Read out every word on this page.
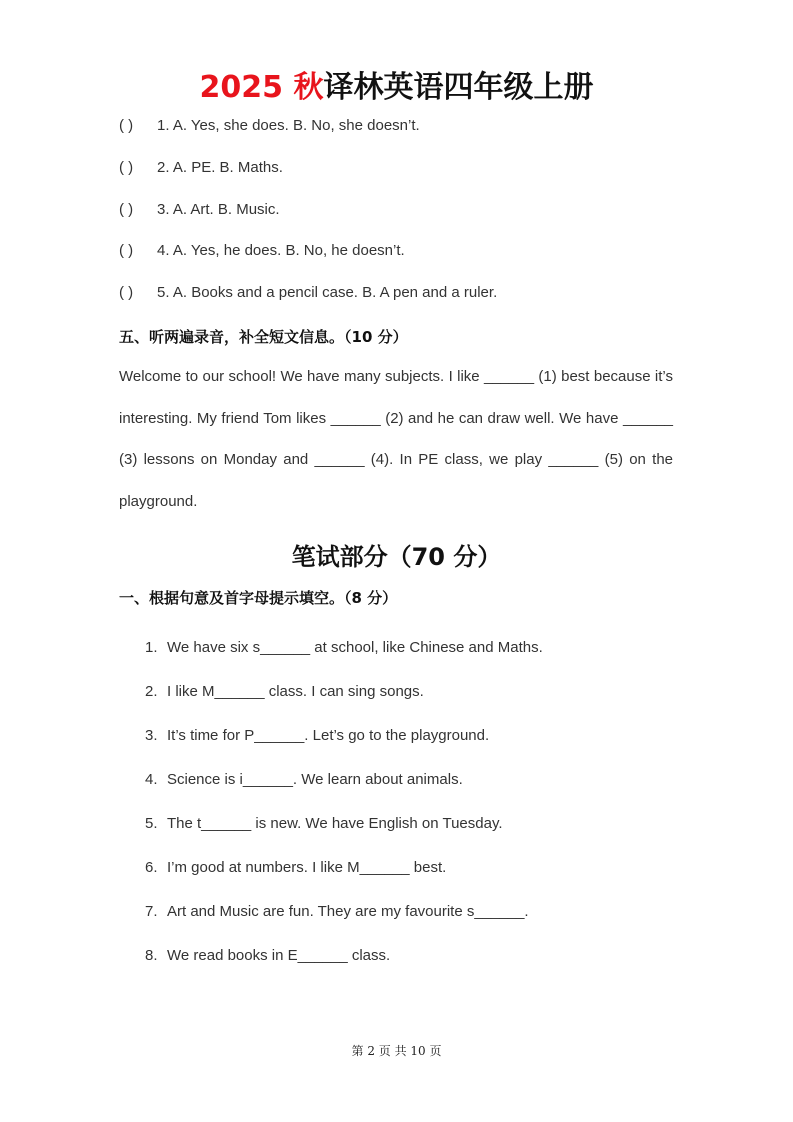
2025 秋译林英语四年级上册
( ) 1. A. Yes, she does. B. No, she doesn’t.
( ) 2. A. PE. B. Maths.
( ) 3. A. Art. B. Music.
( ) 4. A. Yes, he does. B. No, he doesn’t.
( ) 5. A. Books and a pencil case. B. A pen and a ruler.
五、听两遍录音，补全短文信息。（10 分）
Welcome to our school! We have many subjects. I like ______ (1) best because it’s interesting. My friend Tom likes ______ (2) and he can draw well. We have ______ (3) lessons on Monday and ______ (4). In PE class, we play ______ (5) on the playground.
笔试部分（70 分）
一、根据句意及首字母提示填空。（8 分）
1. We have six s______ at school, like Chinese and Maths.
2. I like M______ class. I can sing songs.
3. It’s time for P______. Let’s go to the playground.
4. Science is i______. We learn about animals.
5. The t______ is new. We have English on Tuesday.
6. I’m good at numbers. I like M______ best.
7. Art and Music are fun. They are my favourite s______.
8. We read books in E______ class.
第 2 页 共 10 页
